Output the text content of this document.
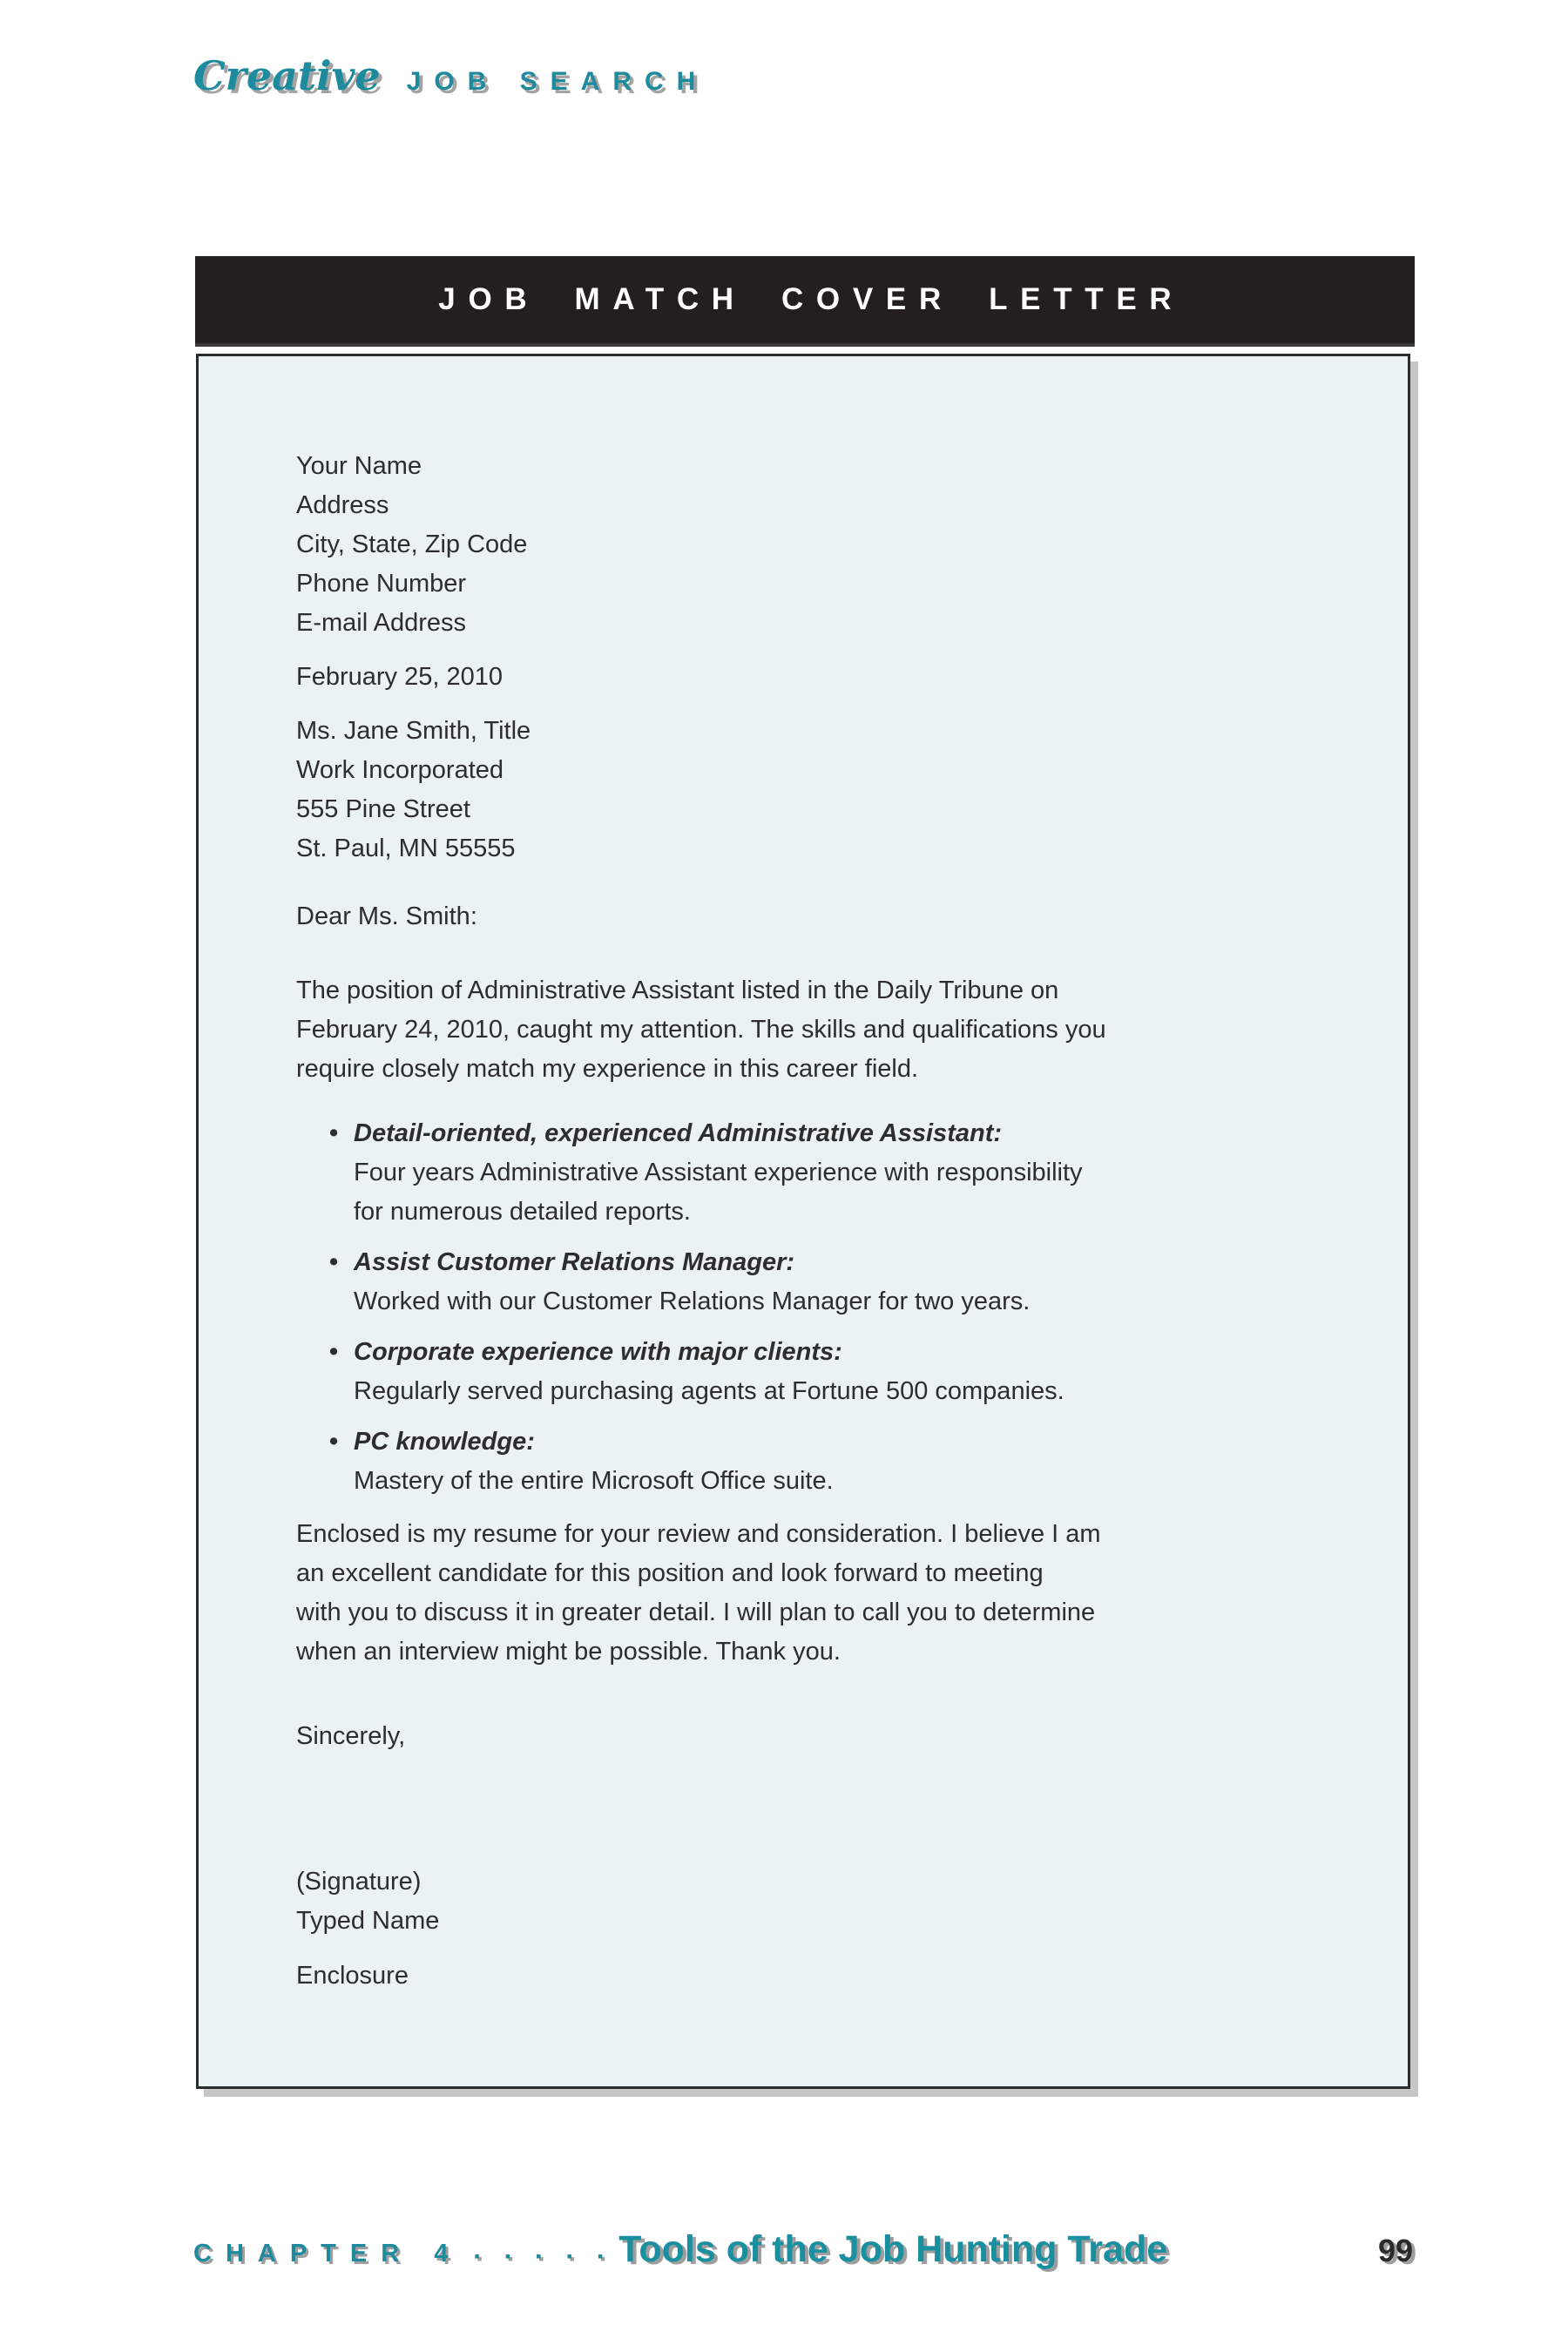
Creative JOB SEARCH
JOB MATCH COVER LETTER
Your Name
Address
City, State, Zip Code
Phone Number
E-mail Address
February 25, 2010
Ms. Jane Smith, Title
Work Incorporated
555 Pine Street
St. Paul, MN 55555
Dear Ms. Smith:
The position of Administrative Assistant listed in the Daily Tribune on
February 24, 2010, caught my attention. The skills and qualifications you
require closely match my experience in this career field.
• Detail-oriented, experienced Administrative Assistant:
Four years Administrative Assistant experience with responsibility
for numerous detailed reports.
• Assist Customer Relations Manager:
Worked with our Customer Relations Manager for two years.
• Corporate experience with major clients:
Regularly served purchasing agents at Fortune 500 companies.
• PC knowledge:
Mastery of the entire Microsoft Office suite.
Enclosed is my resume for your review and consideration. I believe I am
an excellent candidate for this position and look forward to meeting
with you to discuss it in greater detail. I will plan to call you to determine
when an interview might be possible. Thank you.
Sincerely,
(Signature)
Typed Name
Enclosure
CHAPTER 4 ▪ ▪ ▪ ▪ ▪ Tools of the Job Hunting Trade	99
